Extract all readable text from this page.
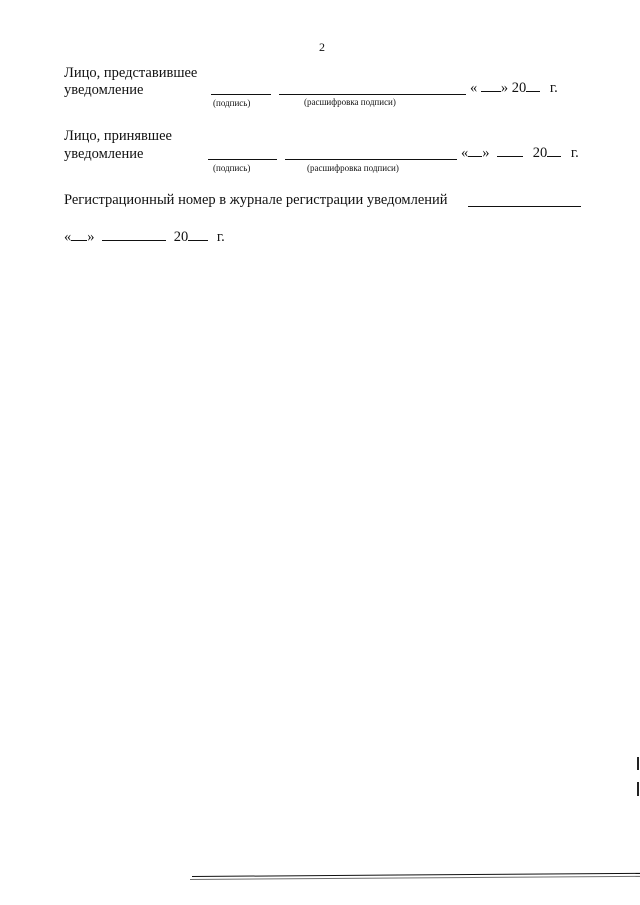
2
Лицо, представившее
уведомление	« » 20 г.
(подпись)	(расшифровка подписи)
Лицо, принявшее
уведомление	« »	20 г.
(подпись)	(расшифровка подписи)
Регистрационный номер в журнале регистрации уведомлений
« »	20 г.
